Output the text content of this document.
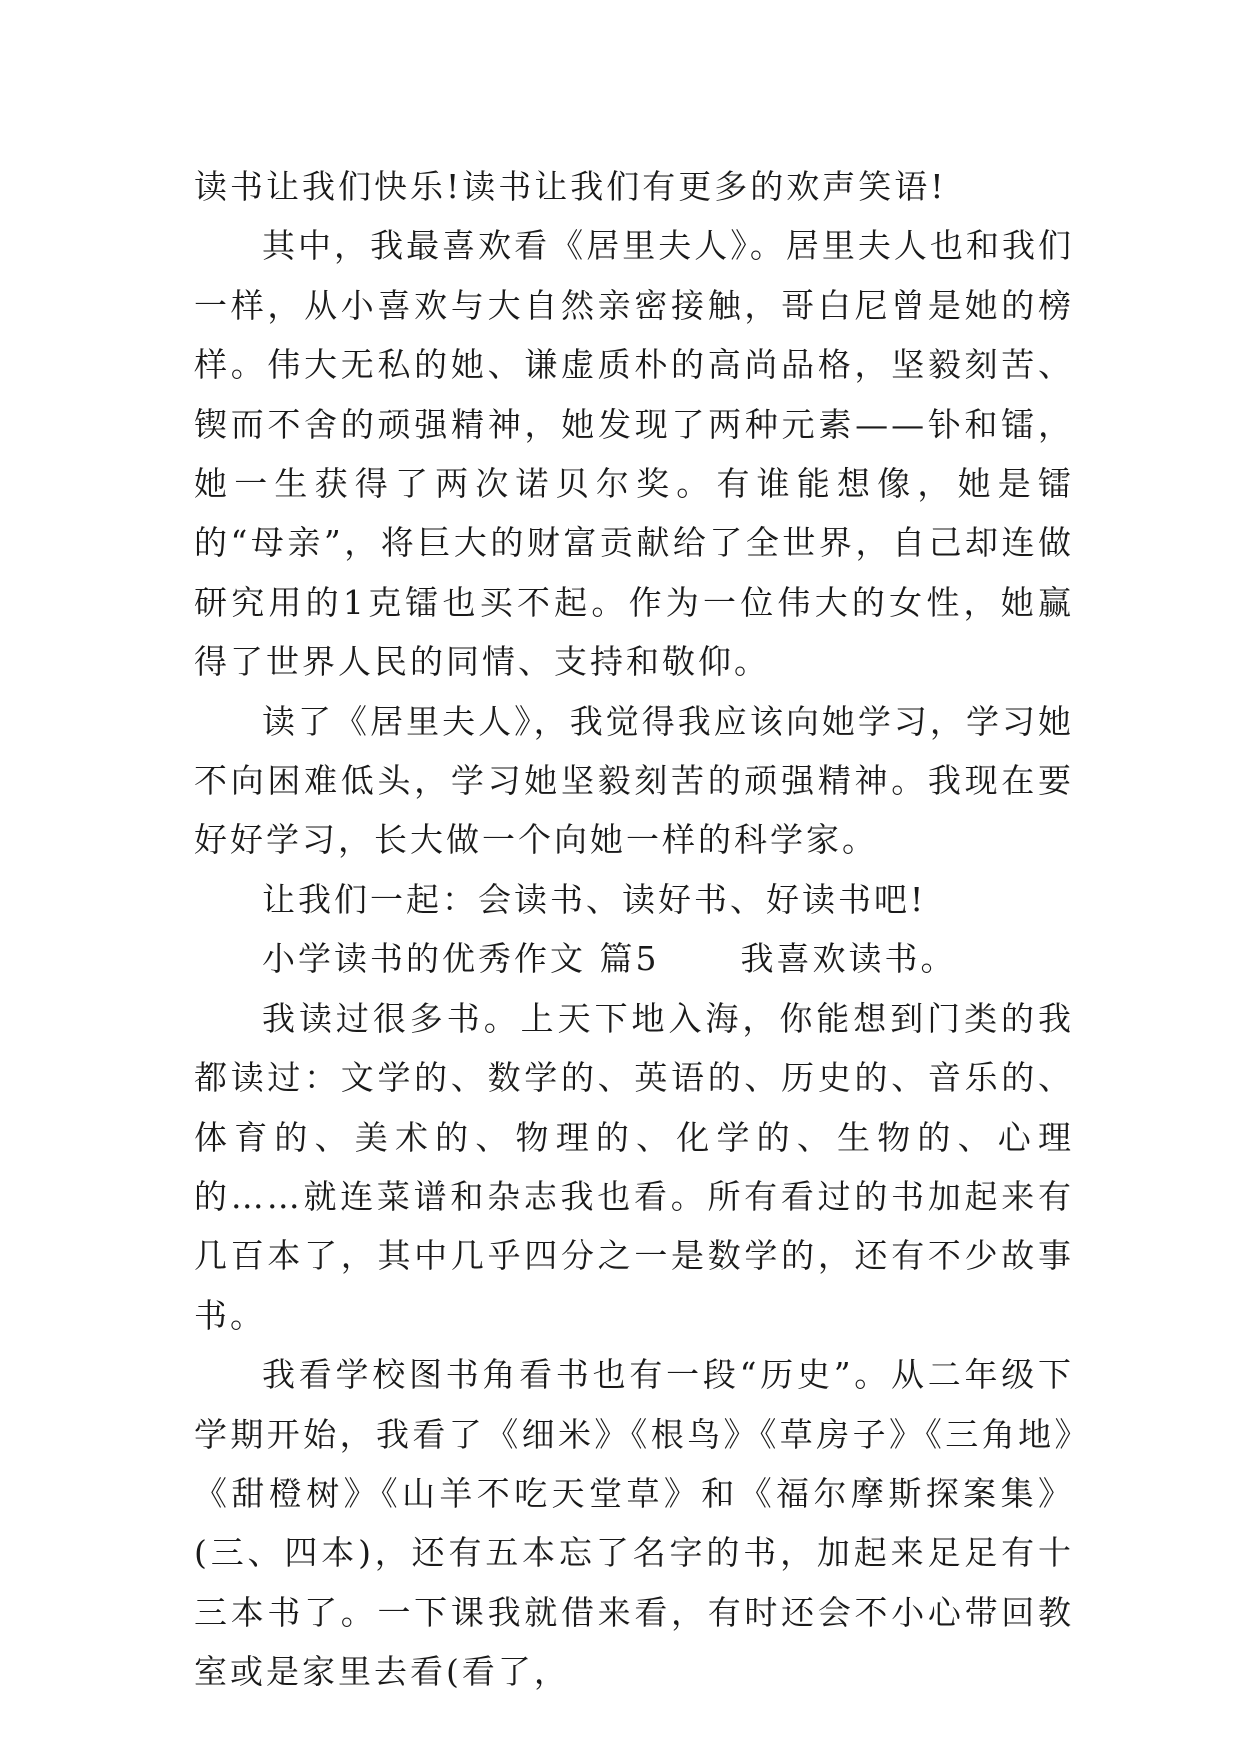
读书让我们快乐!读书让我们有更多的欢声笑语!

其中，我最喜欢看《居里夫人》。居里夫人也和我们一样，从小喜欢与大自然亲密接触，哥白尼曾是她的榜样。伟大无私的她、谦虚质朴的高尚品格，坚毅刻苦、锲而不舍的顽强精神，她发现了两种元素——钋和镭，她一生获得了两次诺贝尔奖。有谁能想像，她是镭的“母亲”，将巨大的财富贡献给了全世界，自己却连做研究用的1克镭也买不起。作为一位伟大的女性，她赢得了世界人民的同情、支持和敬仰。

读了《居里夫人》，我觉得我应该向她学习，学习她不向困难低头，学习她坚毅刻苦的顽强精神。我现在要好好学习，长大做一个向她一样的科学家。

让我们一起：会读书、读好书、好读书吧!

小学读书的优秀作文 篇5 我喜欢读书。

我读过很多书。上天下地入海，你能想到门类的我都读过：文学的、数学的、英语的、历史的、音乐的、体育的、美术的、物理的、化学的、生物的、心理的……就连菜谱和杂志我也看。所有看过的书加起来有几百本了，其中几乎四分之一是数学的，还有不少故事书。

我看学校图书角看书也有一段“历史”。从二年级下学期开始，我看了《细米》《根鸟》《草房子》《三角地》《甜橙树》《山羊不吃天堂草》和《福尔摩斯探案集》(三、四本)，还有五本忘了名字的书，加起来足足有十三本书了。一下课我就借来看，有时还会不小心带回教室或是家里去看(看了，
